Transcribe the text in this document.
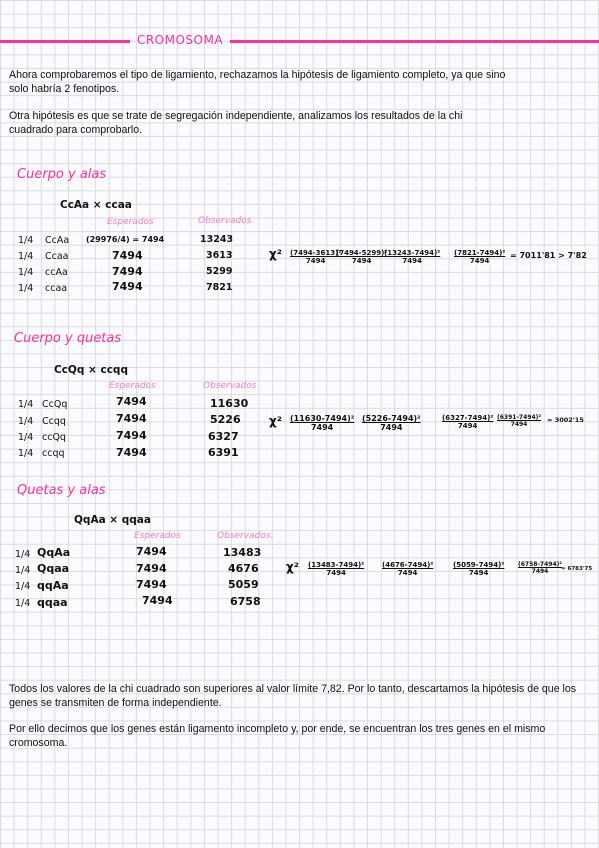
CROMOSOMA
Ahora comprobaremos el tipo de ligamiento, rechazamos la hipótesis de ligamiento completo, ya que sino solo habría 2 fenotipos.
Otra hipótesis es que se trate de segregación independiente, analizamos los resultados de la chi cuadrado para comprobarlo.
Cuerpo y alas
CcAa × ccaa
Esperados	Observados
1/4 CcAa (29976/4) = 7494	13243
1/4 Ccaa	7494	3613
1/4 ccAa	7494	5299
1/4 ccaa	7494	7821
$\chi^2 \frac{\text{(7494-3613)²}}{7494}$
$\frac{\text{(7494-5299)²}}{7494}$
$\frac{\text{(13243-7494)²}}{7494} \frac{\text{(7821-7494)²}}{7494} = 7011'81 > 7'82$
Cuerpo y quetas
CcQq × ccqq
Esperados	Observados
1/4 CcQq	7494	11630
1/4 Ccqq	7494	5226
1/4 ccQq	7494	6327
1/4 ccqq	7494	6391
$\chi^2 \frac{\text{(11630-7494)²}}{7494} \frac{\text{(5226-7494)²}}{7494}$	$\frac{\text{(6327-7494)²}}{7494} \frac{\text{(6391-7494)²}}{7494} = 3002'15$
Quetas y alas
QqAa × qqaa
Esperados	Observados.
1/4 QqAa	7494	13483
1/4 Qqaa	7494	4676
1/4 qqAa	7494	5059
1/4 qqaa	7494	6758
$\chi^2 \frac{\text{(13483-7494)²}}{7494}$	$\frac{\text{(4676-7494)²}}{7494}$	$\frac{\text{(5059-7494)²}}{7494} \frac{\text{(6758-7494)²}}{7494}$
= 6783'75
Todos los valores de la chi cuadrado son superiores al valor límite 7,82. Por lo tanto, descartamos la hipótesis de que los genes se transmiten de forma independiente.
Por ello decimos que los genes están ligamento incompleto y, por ende, se encuentran los tres genes en el mismo cromosoma.
